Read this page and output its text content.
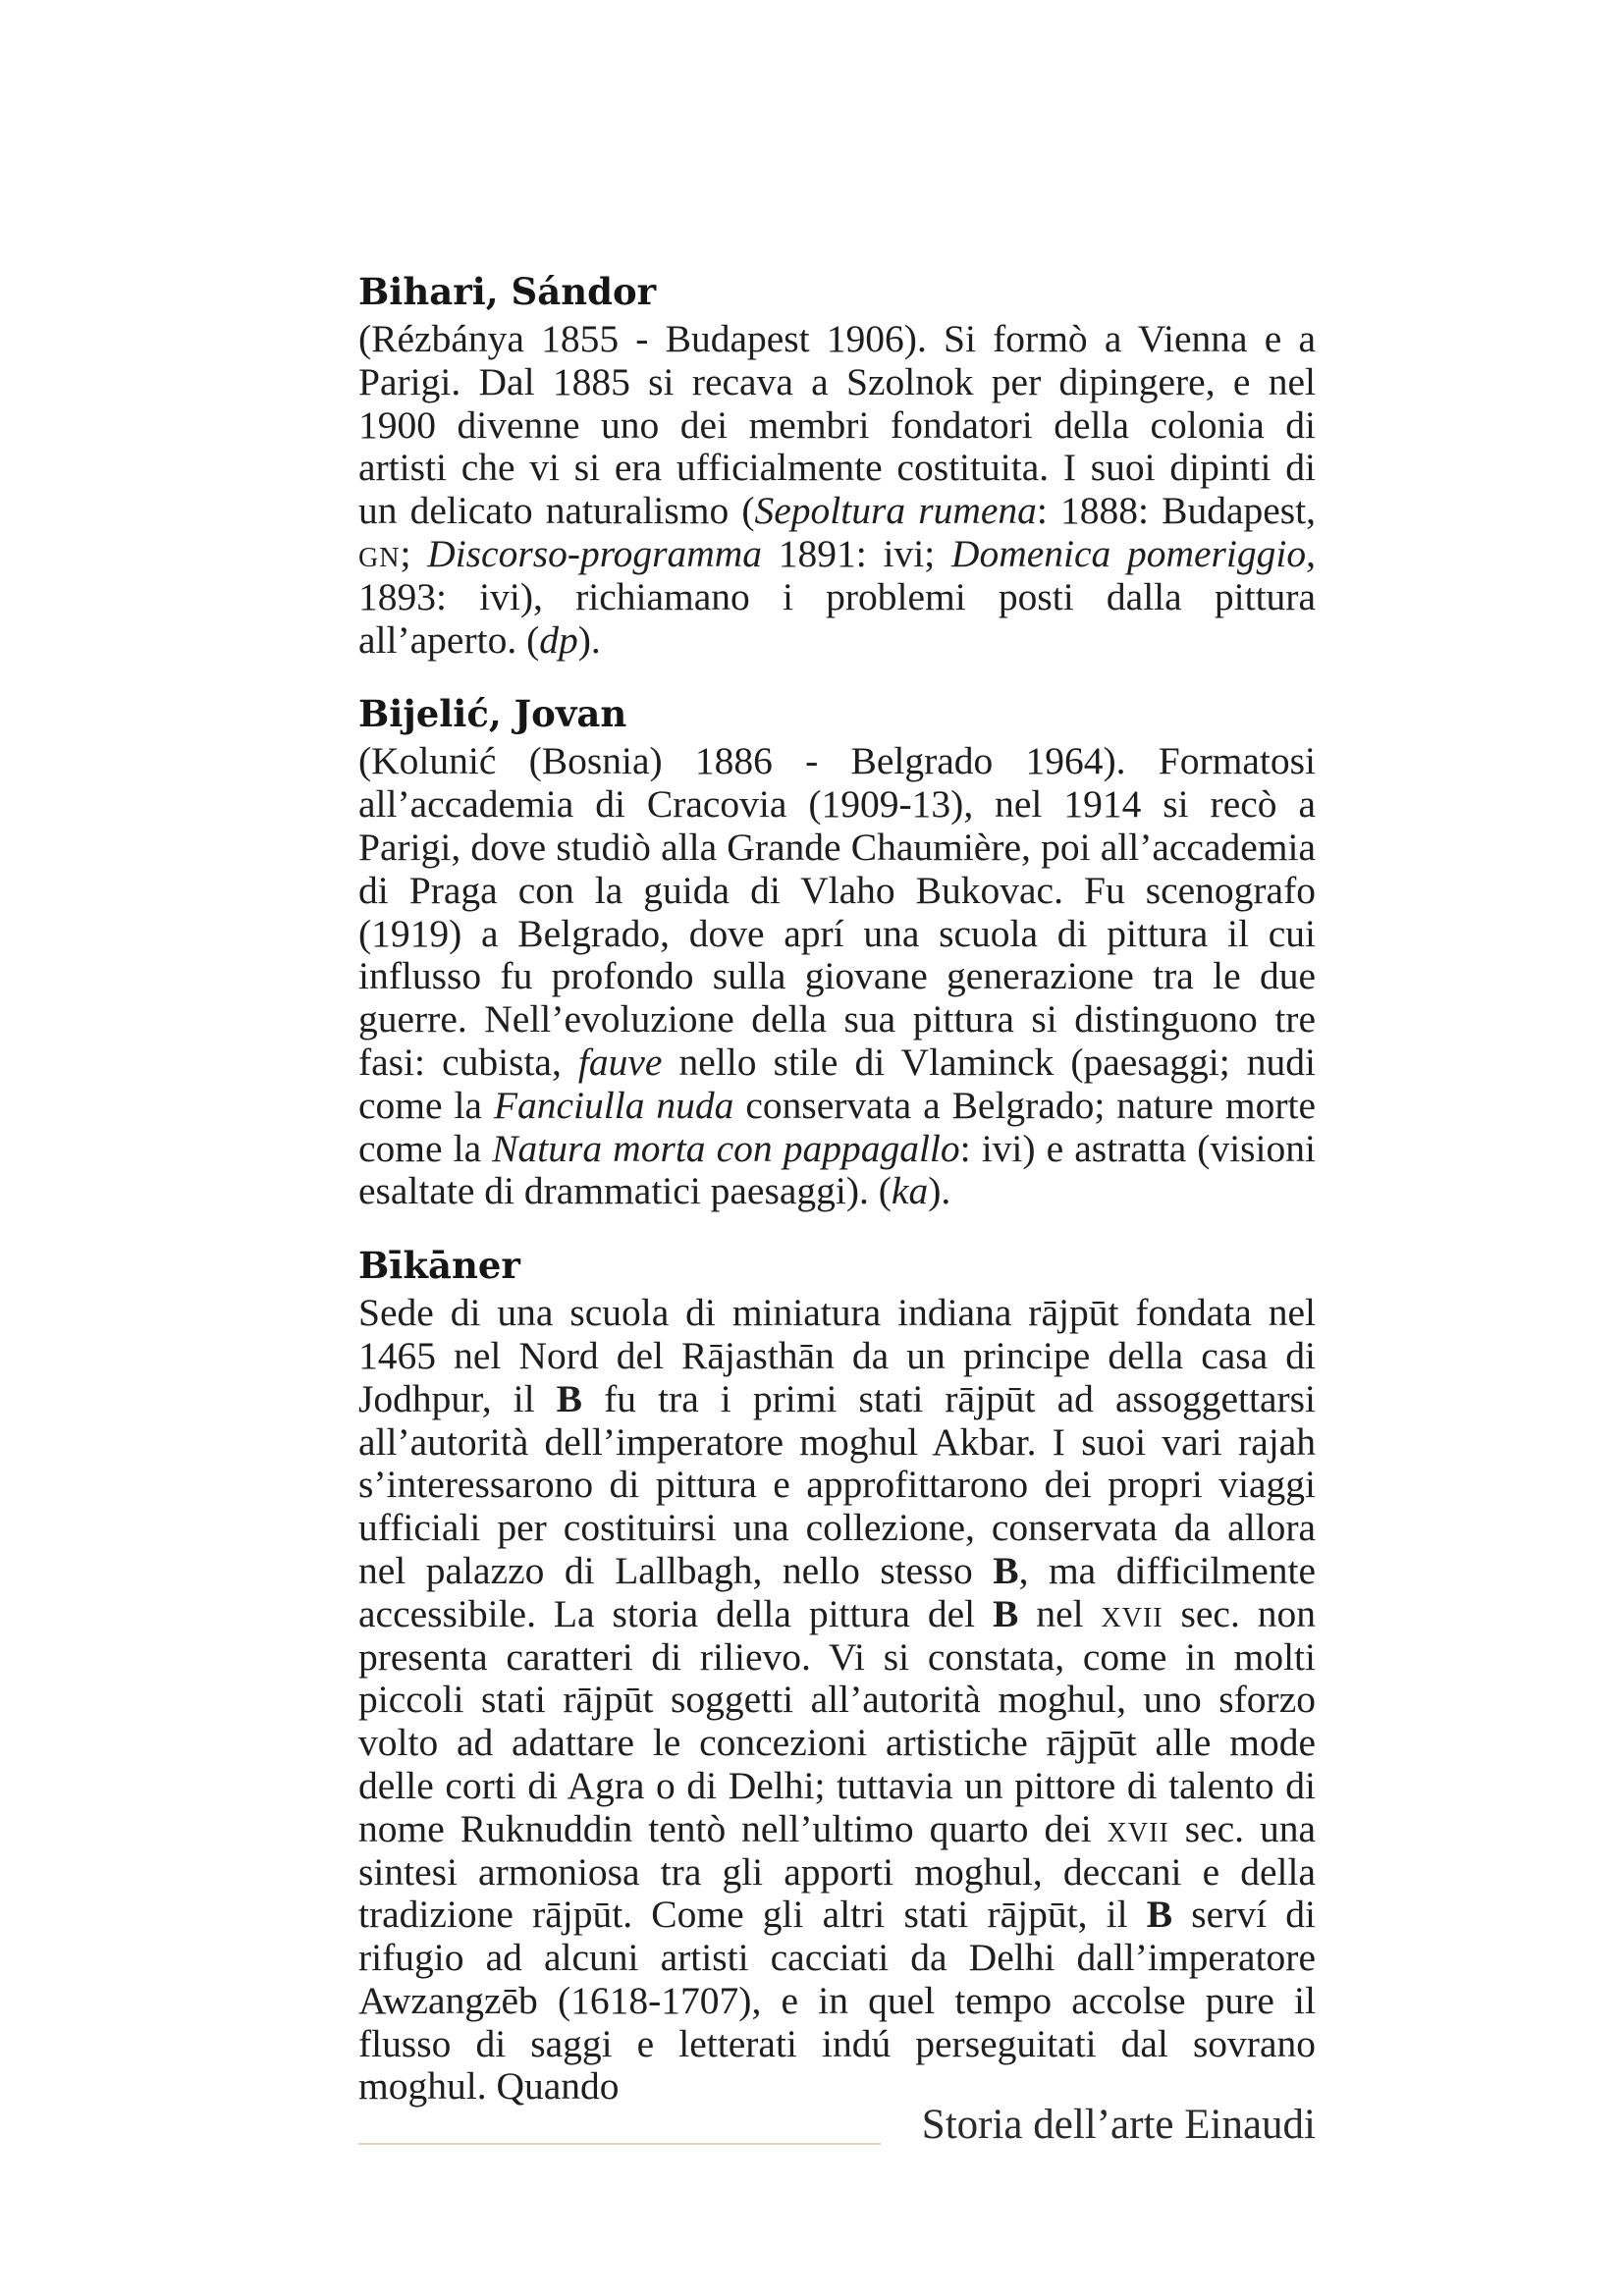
Bihari, Sándor

(Rézbánya 1855 - Budapest 1906). Si formò a Vienna e a Parigi. Dal 1885 si recava a Szolnok per dipingere, e nel 1900 divenne uno dei membri fondatori della colonia di artisti che vi si era ufficialmente costituita. I suoi dipinti di un delicato naturalismo (Sepoltura rumena: 1888: Budapest, gn; Discorso-programma 1891: ivi; Domenica pomeriggio, 1893: ivi), richiamano i problemi posti dalla pittura all’aperto. (dp).

Bijelić, Jovan

(Kolunić (Bosnia) 1886 - Belgrado 1964). Formatosi all’accademia di Cracovia (1909-13), nel 1914 si recò a Parigi, dove studiò alla Grande Chaumière, poi all’accademia di Praga con la guida di Vlaho Bukovac. Fu scenografo (1919) a Belgrado, dove aprí una scuola di pittura il cui influsso fu profondo sulla giovane generazione tra le due guerre. Nell’evoluzione della sua pittura si distinguono tre fasi: cubista, fauve nello stile di Vlaminck (paesaggi; nudi come la Fanciulla nuda conservata a Belgrado; nature morte come la Natura morta con pappagallo: ivi) e astratta (visioni esaltate di drammatici paesaggi). (ka).

Bīkāner

Sede di una scuola di miniatura indiana rājpūt fondata nel 1465 nel Nord del Rājasthān da un principe della casa di Jodhpur, il B fu tra i primi stati rājpūt ad assoggettarsi all’autorità dell’imperatore moghul Akbar. I suoi vari rajah s’interessarono di pittura e approfittarono dei propri viaggi ufficiali per costituirsi una collezione, conservata da allora nel palazzo di Lallbagh, nello stesso B, ma difficilmente accessibile. La storia della pittura del B nel xvii sec. non presenta caratteri di rilievo. Vi si constata, come in molti piccoli stati rājpūt soggetti all’autorità moghul, uno sforzo volto ad adattare le concezioni artistiche rājpūt alle mode delle corti di Agra o di Delhi; tuttavia un pittore di talento di nome Ruknuddin tentò nell’ultimo quarto dei xvii sec. una sintesi armoniosa tra gli apporti moghul, deccani e della tradizione rājpūt. Come gli altri stati rājpūt, il B serví di rifugio ad alcuni artisti cacciati da Delhi dall’imperatore Awzangzēb (1618-1707), e in quel tempo accolse pure il flusso di saggi e letterati indú perseguitati dal sovrano moghul. Quando

Storia dell’arte Einaudi
